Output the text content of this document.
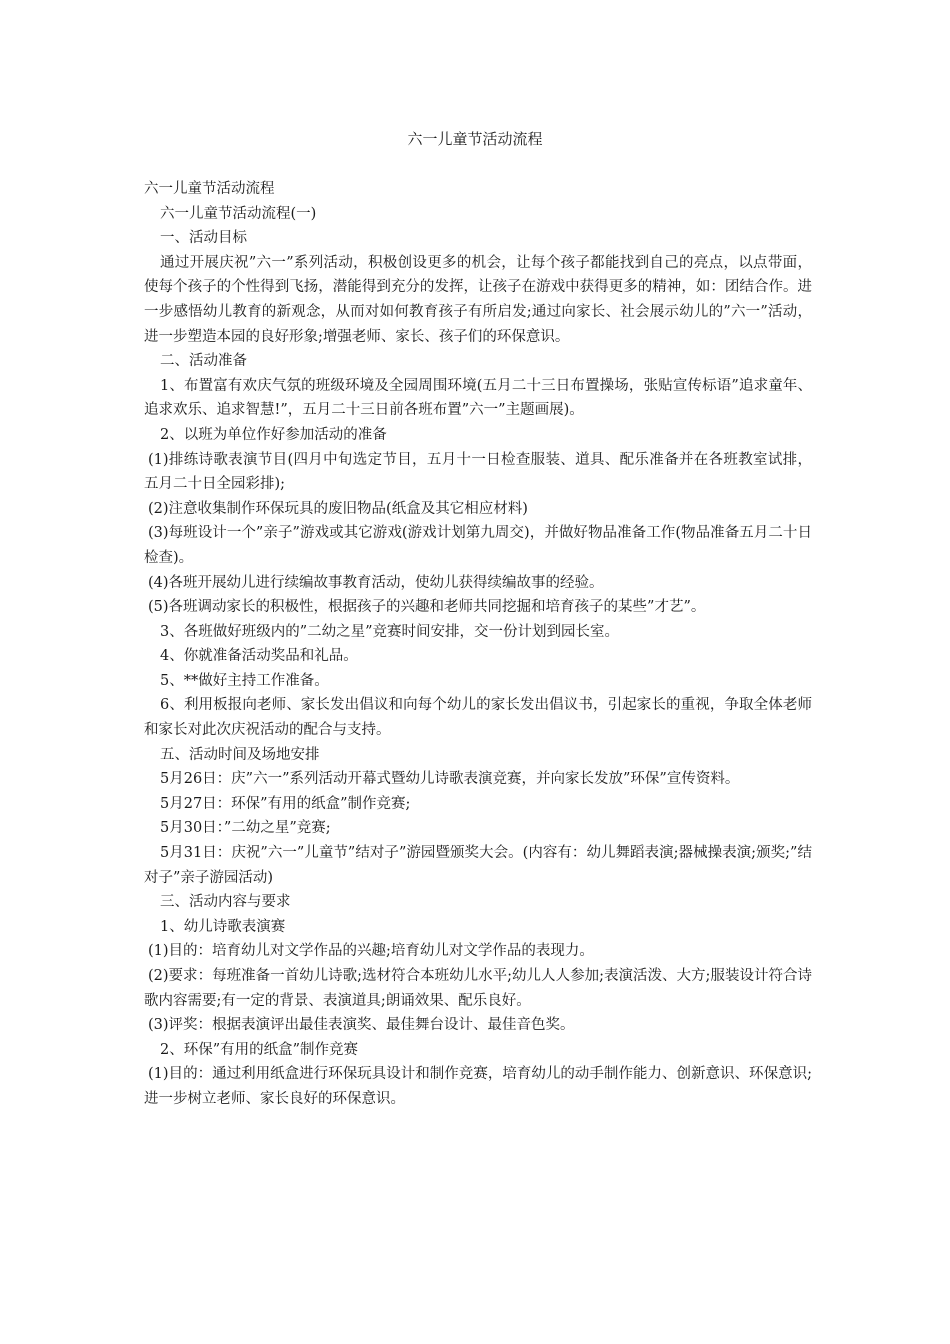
六一儿童节活动流程

六一儿童节活动流程

六一儿童节活动流程(一)

一、活动目标

通过开展庆祝”六一”系列活动，积极创设更多的机会，让每个孩子都能找到自己的亮点，以点带面，使每个孩子的个性得到飞扬，潜能得到充分的发挥，让孩子在游戏中获得更多的精神，如：团结合作。进一步感悟幼儿教育的新观念，从而对如何教育孩子有所启发;通过向家长、社会展示幼儿的”六一”活动，进一步塑造本园的良好形象;增强老师、家长、孩子们的环保意识。

二、活动准备

1、布置富有欢庆气氛的班级环境及全园周围环境(五月二十三日布置操场，张贴宣传标语”追求童年、追求欢乐、追求智慧!”，五月二十三日前各班布置”六一”主题画展)。

2、以班为单位作好参加活动的准备

(1)排练诗歌表演节目(四月中旬选定节目，五月十一日检查服装、道具、配乐准备并在各班教室试排，五月二十日全园彩排);

(2)注意收集制作环保玩具的废旧物品(纸盒及其它相应材料)

(3)每班设计一个”亲子”游戏或其它游戏(游戏计划第九周交)，并做好物品准备工作(物品准备五月二十日检查)。

(4)各班开展幼儿进行续编故事教育活动，使幼儿获得续编故事的经验。

(5)各班调动家长的积极性，根据孩子的兴趣和老师共同挖掘和培育孩子的某些”才艺”。

3、各班做好班级内的”二幼之星”竞赛时间安排，交一份计划到园长室。

4、你就准备活动奖品和礼品。

5、**做好主持工作准备。

6、利用板报向老师、家长发出倡议和向每个幼儿的家长发出倡议书，引起家长的重视，争取全体老师和家长对此次庆祝活动的配合与支持。

五、活动时间及场地安排

5月26日：庆”六一”系列活动开幕式暨幼儿诗歌表演竞赛，并向家长发放”环保”宣传资料。

5月27日：环保”有用的纸盒”制作竞赛;

5月30日：”二幼之星”竞赛;

5月31日：庆祝”六一”儿童节”结对子”游园暨颁奖大会。(内容有：幼儿舞蹈表演;器械操表演;颁奖;”结对子”亲子游园活动)

三、活动内容与要求

1、幼儿诗歌表演赛

(1)目的：培育幼儿对文学作品的兴趣;培育幼儿对文学作品的表现力。

(2)要求：每班准备一首幼儿诗歌;选材符合本班幼儿水平;幼儿人人参加;表演活泼、大方;服装设计符合诗歌内容需要;有一定的背景、表演道具;朗诵效果、配乐良好。

(3)评奖：根据表演评出最佳表演奖、最佳舞台设计、最佳音色奖。

2、环保”有用的纸盒”制作竞赛

(1)目的：通过利用纸盒进行环保玩具设计和制作竞赛，培育幼儿的动手制作能力、创新意识、环保意识;进一步树立老师、家长良好的环保意识。
